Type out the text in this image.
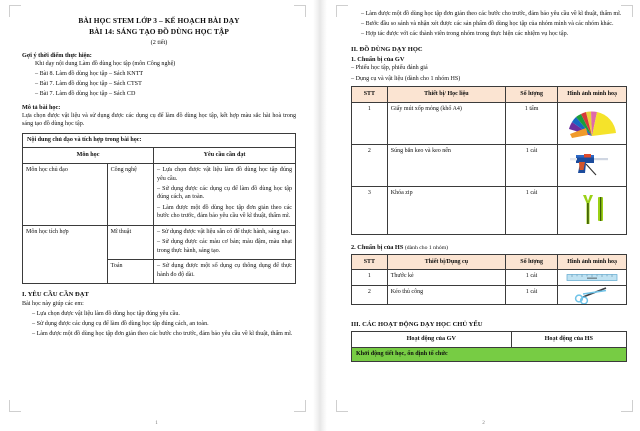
BÀI HỌC STEM LỚP 3 – KẾ HOẠCH BÀI DẠY
BÀI 14: SÁNG TẠO ĐỒ DÙNG HỌC TẬP
(2 tiết)
Gợi ý thời điểm thực hiện:
Khi dạy nội dung Làm đồ dùng học tập (môn Công nghệ)
– Bài 8. Làm đồ dùng học tập – Sách KNTT
– Bài 7. Làm đồ dùng học tập – Sách CTST
– Bài 7. Làm đồ dùng học tập – Sách CD
Mô tả bài học:
Lựa chọn được vật liệu và sử dụng được các dụng cụ để làm đồ dùng học tập, kết hợp màu sắc hài hoà trong sáng tạo đồ dùng học tập.
Nội dung chủ đạo và tích hợp trong bài học:		
Môn học		Yêu cầu cần đạt
Môn học chủ đạo	Công nghệ	– Lựa chọn được vật liệu làm đồ dùng học tập đúng yêu cầu.
– Sử dụng được các dụng cụ để làm đồ dùng học tập đúng cách, an toàn.
– Làm được một đồ dùng học tập đơn giản theo các bước cho trước, đảm bảo yêu cầu về kĩ thuật, thẩm mĩ.

Môn học tích hợp	Mĩ thuật	– Sử dụng được vật liệu sẵn có để thực hành, sáng tạo.
– Sử dụng được các màu cơ bản; màu đậm, màu nhạt trong thực hành, sáng tạo.

	Toán	– Sử dụng được một số dụng cụ thông dụng để thực hành đo độ dài.
I. YÊU CẦU CẦN ĐẠT
Bài học này giúp các em:
– Lựa chọn được vật liệu làm đồ dùng học tập đúng yêu cầu.
– Sử dụng được các dụng cụ để làm đồ dùng học tập đúng cách, an toàn.
– Làm được một đồ dùng học tập đơn giản theo các bước cho trước, đảm bảo yêu cầu về kĩ thuật, thẩm mĩ.
1
– Làm được một đồ dùng học tập đơn giản theo các bước cho trước, đảm bảo yêu cầu về kĩ thuật, thẩm mĩ.
– Bước đầu so sánh và nhận xét được các sản phẩm đồ dùng học tập của nhóm mình và các nhóm khác.
– Hợp tác được với các thành viên trong nhóm trong thực hiện các nhiệm vụ học tập.
II. ĐỒ DÙNG DẠY HỌC
1. Chuẩn bị của GV
– Phiếu học tập, phiếu đánh giá
– Dụng cụ và vật liệu (dành cho 1 nhóm HS)
STT	Thiết bị/ Học liệu	Số lượng	Hình ảnh minh hoạ
1	Giấy mút xốp mỏng (khổ A4)	1 tấm	

2	Súng bắn keo và keo nến	1 cái	

3	Khóa zip	1 cái	
2. Chuẩn bị của HS (dành cho 1 nhóm)
STT	Thiết bị/Dụng cụ	Số lượng	Hình ảnh minh hoạ
1	Thước kẻ	1 cái	

2	Kéo thủ công	1 cái	
III. CÁC HOẠT ĐỘNG DẠY HỌC CHỦ YẾU
Hoạt động của GV	Hoạt động của HS
Khởi động tiết học, ổn định tổ chức
2
